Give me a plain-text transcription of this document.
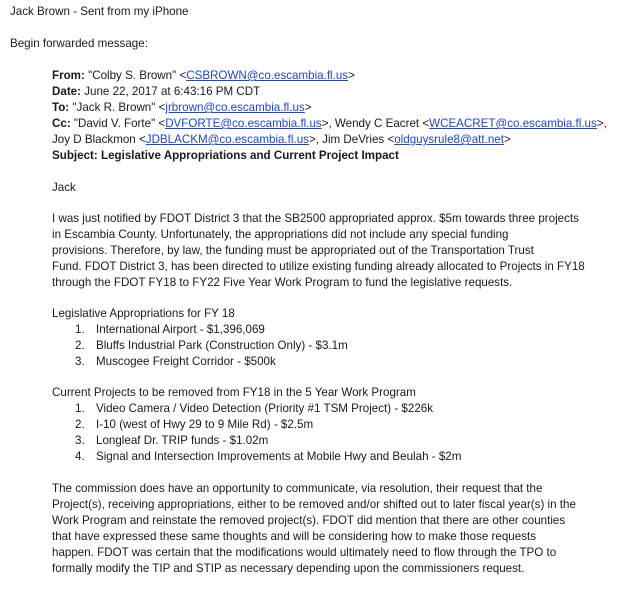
Jack Brown - Sent from my iPhone
Begin forwarded message:
From: "Colby S. Brown" <CSBROWN@co.escambia.fl.us>
Date: June 22, 2017 at 6:43:16 PM CDT
To: "Jack R. Brown" <jrbrown@co.escambia.fl.us>
Cc: "David V. Forte" <DVFORTE@co.escambia.fl.us>, Wendy C Eacret <WCEACRET@co.escambia.fl.us>,
Joy D Blackmon <JDBLACKM@co.escambia.fl.us>, Jim DeVries <oldguysrule8@att.net>
Subject: Legislative Appropriations and Current Project Impact
Jack
I was just notified by FDOT District 3 that the SB2500 appropriated approx. $5m towards three projects
in Escambia County. Unfortunately, the appropriations did not include any special funding
provisions. Therefore, by law, the funding must be appropriated out of the Transportation Trust
Fund. FDOT District 3, has been directed to utilize existing funding already allocated to Projects in FY18
through the FDOT FY18 to FY22 Five Year Work Program to fund the legislative requests.
Legislative Appropriations for FY 18
1. International Airport - $1,396,069
2. Bluffs Industrial Park (Construction Only) - $3.1m
3. Muscogee Freight Corridor - $500k
Current Projects to be removed from FY18 in the 5 Year Work Program
1. Video Camera / Video Detection (Priority #1 TSM Project) - $226k
2. I-10 (west of Hwy 29 to 9 Mile Rd) - $2.5m
3. Longleaf Dr. TRIP funds - $1.02m
4. Signal and Intersection Improvements at Mobile Hwy and Beulah - $2m
The commission does have an opportunity to communicate, via resolution, their request that the
Project(s), receiving appropriations, either to be removed and/or shifted out to later fiscal year(s) in the
Work Program and reinstate the removed project(s). FDOT did mention that there are other counties
that have expressed these same thoughts and will be considering how to make those requests
happen. FDOT was certain that the modifications would ultimately need to flow through the TPO to
formally modify the TIP and STIP as necessary depending upon the commissioners request.
